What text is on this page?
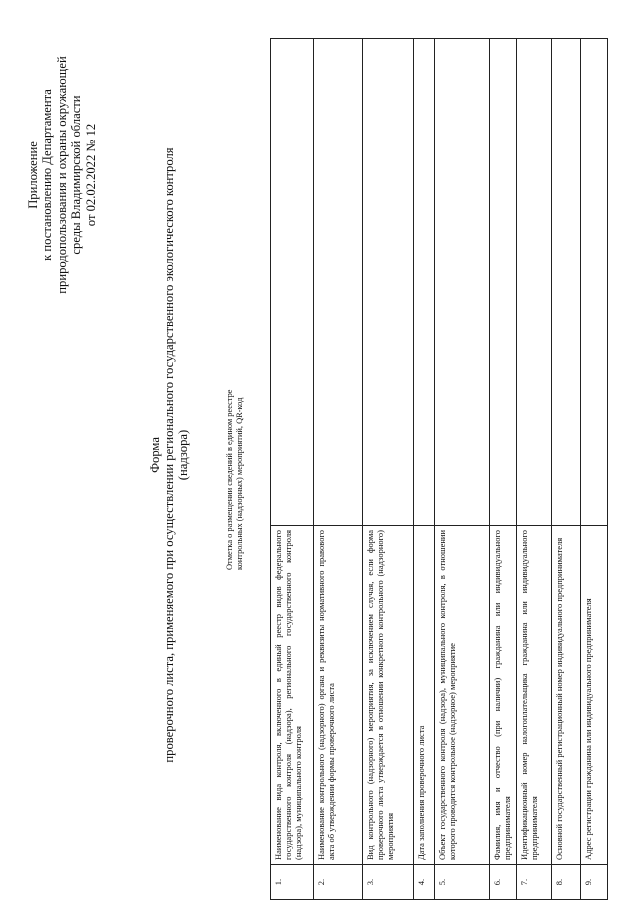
Приложение к постановлению Департамента природопользования и охраны окружающей среды Владимирской области от 02.02.2022 № 12
Форма проверочного листа, применяемого при осуществлении регионального государственного экологического контроля (надзора)	Отметка о размещении сведений в едином реестре контрольных (надзорных) мероприятий, QR-код
1.	Наименование вида контроля, включенного в единый реестр видов федерального государственного контроля (надзора), регионального государственного контроля (надзора), муниципального контроля	
2.	Наименование контрольного (надзорного) органа и реквизиты нормативного правового акта об утверждении формы проверочного листа	
3.	Вид контрольного (надзорного) мероприятия, за исключением случая, если форма проверочного листа утверждается в отношении конкретного контрольного (надзорного) мероприятия	
4.	Дата заполнения проверочного листа	
5.	Объект государственного контроля (надзора), муниципального контроля, в отношении которого проводится контрольное (надзорное) мероприятие	
6.	Фамилия, имя и отчество (при наличии) гражданина или индивидуального предпринимателя	
7.	Идентификационный номер налогоплательщика гражданина или индивидуального предпринимателя	
8.	Основной государственный регистрационный номер индивидуального предпринимателя	
9.	Адрес регистрации гражданина или индивидуального предпринимателя	
